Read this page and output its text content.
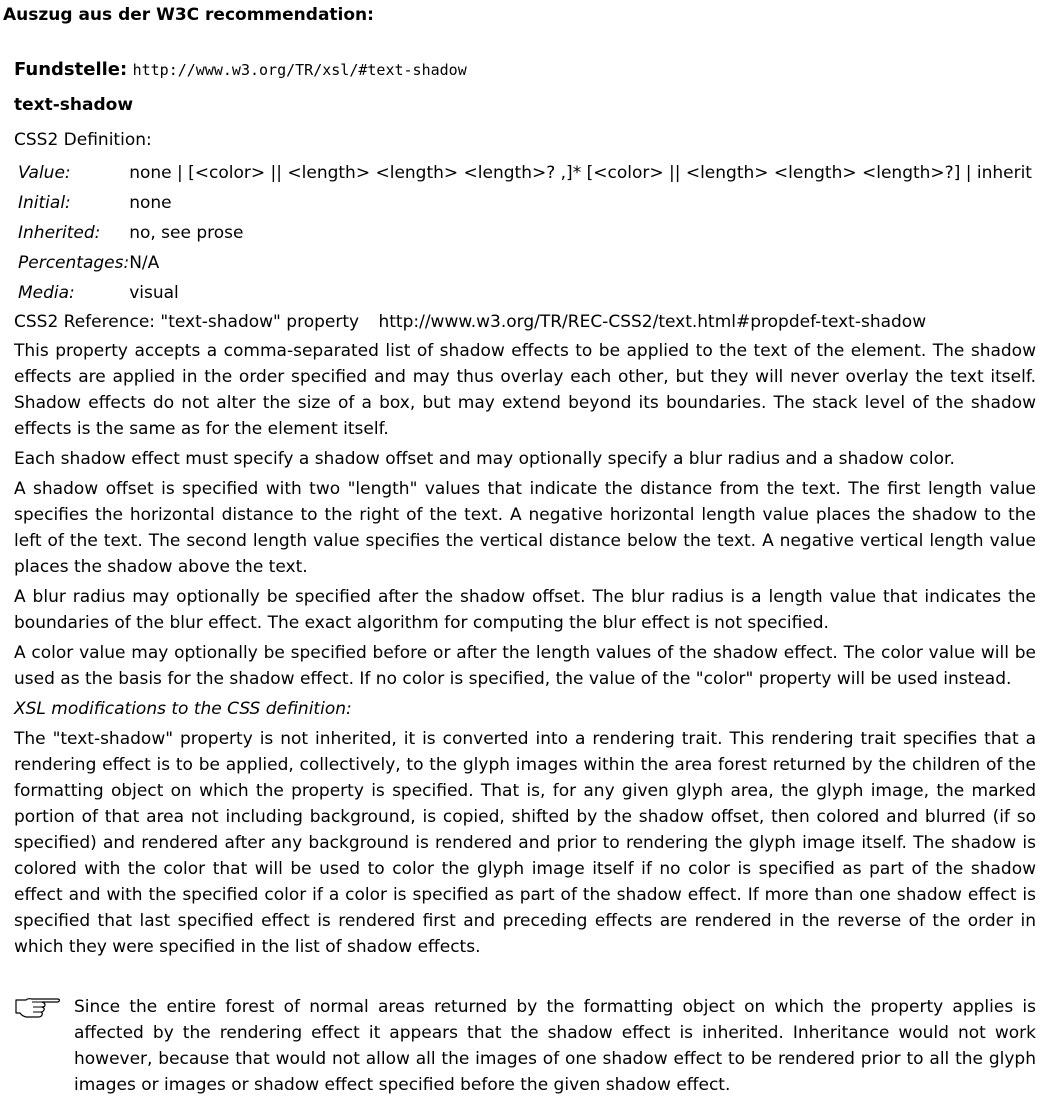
Auszug aus der W3C recommendation:
Fundstelle: http://www.w3.org/TR/xsl/#text-shadow
text-shadow
CSS2 Definition:
Value:	none | [<color> || <length> <length> <length>? ,]* [<color> || <length> <length> <length>?] | inherit
Initial:	none
Inherited:	no, see prose
Percentages:	N/A
Media:	visual
CSS2 Reference: "text-shadow" property http://www.w3.org/TR/REC-CSS2/text.html#propdef-text-shadow

This property accepts a comma-separated list of shadow effects to be applied to the text of the element. The shadow effects are applied in the order specified and may thus overlay each other, but they will never overlay the text itself. Shadow effects do not alter the size of a box, but may extend beyond its boundaries. The stack level of the shadow effects is the same as for the element itself.

Each shadow effect must specify a shadow offset and may optionally specify a blur radius and a shadow color.

A shadow offset is specified with two "length" values that indicate the distance from the text. The first length value specifies the horizontal distance to the right of the text. A negative horizontal length value places the shadow to the left of the text. The second length value specifies the vertical distance below the text. A negative vertical length value places the shadow above the text.

A blur radius may optionally be specified after the shadow offset. The blur radius is a length value that indicates the boundaries of the blur effect. The exact algorithm for computing the blur effect is not specified.

A color value may optionally be specified before or after the length values of the shadow effect. The color value will be used as the basis for the shadow effect. If no color is specified, the value of the "color" property will be used instead.

XSL modifications to the CSS definition:

The "text-shadow" property is not inherited, it is converted into a rendering trait. This rendering trait specifies that a rendering effect is to be applied, collectively, to the glyph images within the area forest returned by the children of the formatting object on which the property is specified. That is, for any given glyph area, the glyph image, the marked portion of that area not including background, is copied, shifted by the shadow offset, then colored and blurred (if so specified) and rendered after any background is rendered and prior to rendering the glyph image itself. The shadow is colored with the color that will be used to color the glyph image itself if no color is specified as part of the shadow effect and with the specified color if a color is specified as part of the shadow effect. If more than one shadow effect is specified that last specified effect is rendered first and preceding effects are rendered in the reverse of the order in which they were specified in the list of shadow effects.

Since the entire forest of normal areas returned by the formatting object on which the property applies is affected by the rendering effect it appears that the shadow effect is inherited. Inheritance would not work however, because that would not allow all the images of one shadow effect to be rendered prior to all the glyph images or images or shadow effect specified before the given shadow effect.
